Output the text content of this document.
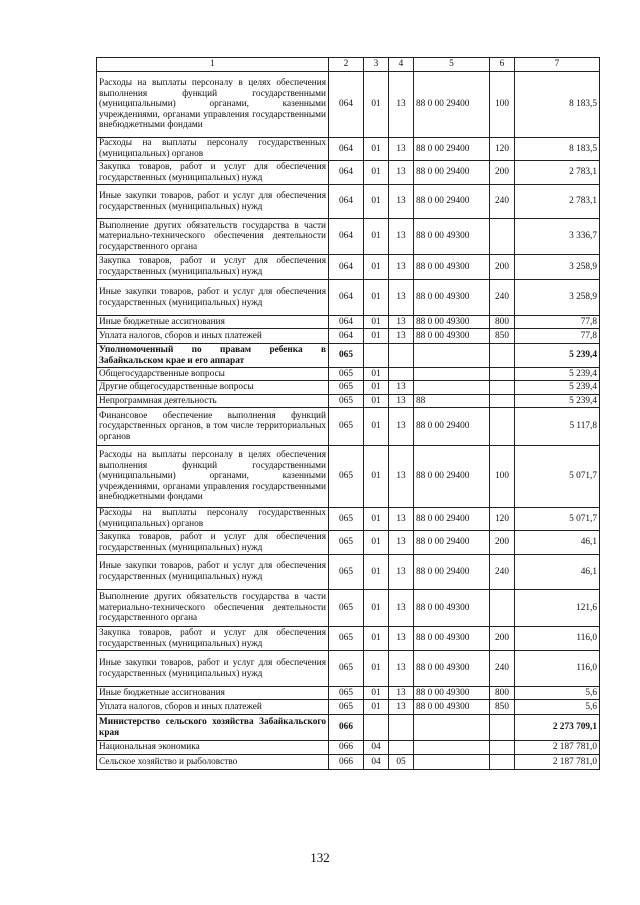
1	2	3	4	5	6	7
Расходы на выплаты персоналу в целях обеспечения выполнения функций государственными (муниципальными) органами, казенными учреждениями, органами управления государственными внебюджетными фондами	064	01	13	88 0 00 29400	100	8 183,5
Расходы на выплаты персоналу государственных (муниципальных) органов	064	01	13	88 0 00 29400	120	8 183,5
Закупка товаров, работ и услуг для обеспечения государственных (муниципальных) нужд	064	01	13	88 0 00 29400	200	2 783,1
Иные закупки товаров, работ и услуг для обеспечения государственных (муниципальных) нужд	064	01	13	88 0 00 29400	240	2 783,1
Выполнение других обязательств государства в части материально-технического обеспечения деятельности государственного органа	064	01	13	88 0 00 49300		3 336,7
Закупка товаров, работ и услуг для обеспечения государственных (муниципальных) нужд	064	01	13	88 0 00 49300	200	3 258,9
Иные закупки товаров, работ и услуг для обеспечения государственных (муниципальных) нужд	064	01	13	88 0 00 49300	240	3 258,9
Иные бюджетные ассигнования	064	01	13	88 0 00 49300	800	77,8
Уплата налогов, сборов и иных платежей	064	01	13	88 0 00 49300	850	77,8
Уполномоченный по правам ребенка в Забайкальском крае и его аппарат	065					5 239,4
Общегосударственные вопросы	065	01				5 239,4
Другие общегосударственные вопросы	065	01	13			5 239,4
Непрограммная деятельность	065	01	13	88		5 239,4
Финансовое обеспечение выполнения функций государственных органов, в том числе территориальных органов	065	01	13	88 0 00 29400		5 117,8
Расходы на выплаты персоналу в целях обеспечения выполнения функций государственными (муниципальными) органами, казенными учреждениями, органами управления государственными внебюджетными фондами	065	01	13	88 0 00 29400	100	5 071,7
Расходы на выплаты персоналу государственных (муниципальных) органов	065	01	13	88 0 00 29400	120	5 071,7
Закупка товаров, работ и услуг для обеспечения государственных (муниципальных) нужд	065	01	13	88 0 00 29400	200	46,1
Иные закупки товаров, работ и услуг для обеспечения государственных (муниципальных) нужд	065	01	13	88 0 00 29400	240	46,1
Выполнение других обязательств государства в части материально-технического обеспечения деятельности государственного органа	065	01	13	88 0 00 49300		121,6
Закупка товаров, работ и услуг для обеспечения государственных (муниципальных) нужд	065	01	13	88 0 00 49300	200	116,0
Иные закупки товаров, работ и услуг для обеспечения государственных (муниципальных) нужд	065	01	13	88 0 00 49300	240	116,0
Иные бюджетные ассигнования	065	01	13	88 0 00 49300	800	5,6
Уплата налогов, сборов и иных платежей	065	01	13	88 0 00 49300	850	5,6
Министерство сельского хозяйства Забайкальского края	066					2 273 709,1
Национальная экономика	066	04				2 187 781,0
Сельское хозяйство и рыболовство	066	04	05			2 187 781,0
132
